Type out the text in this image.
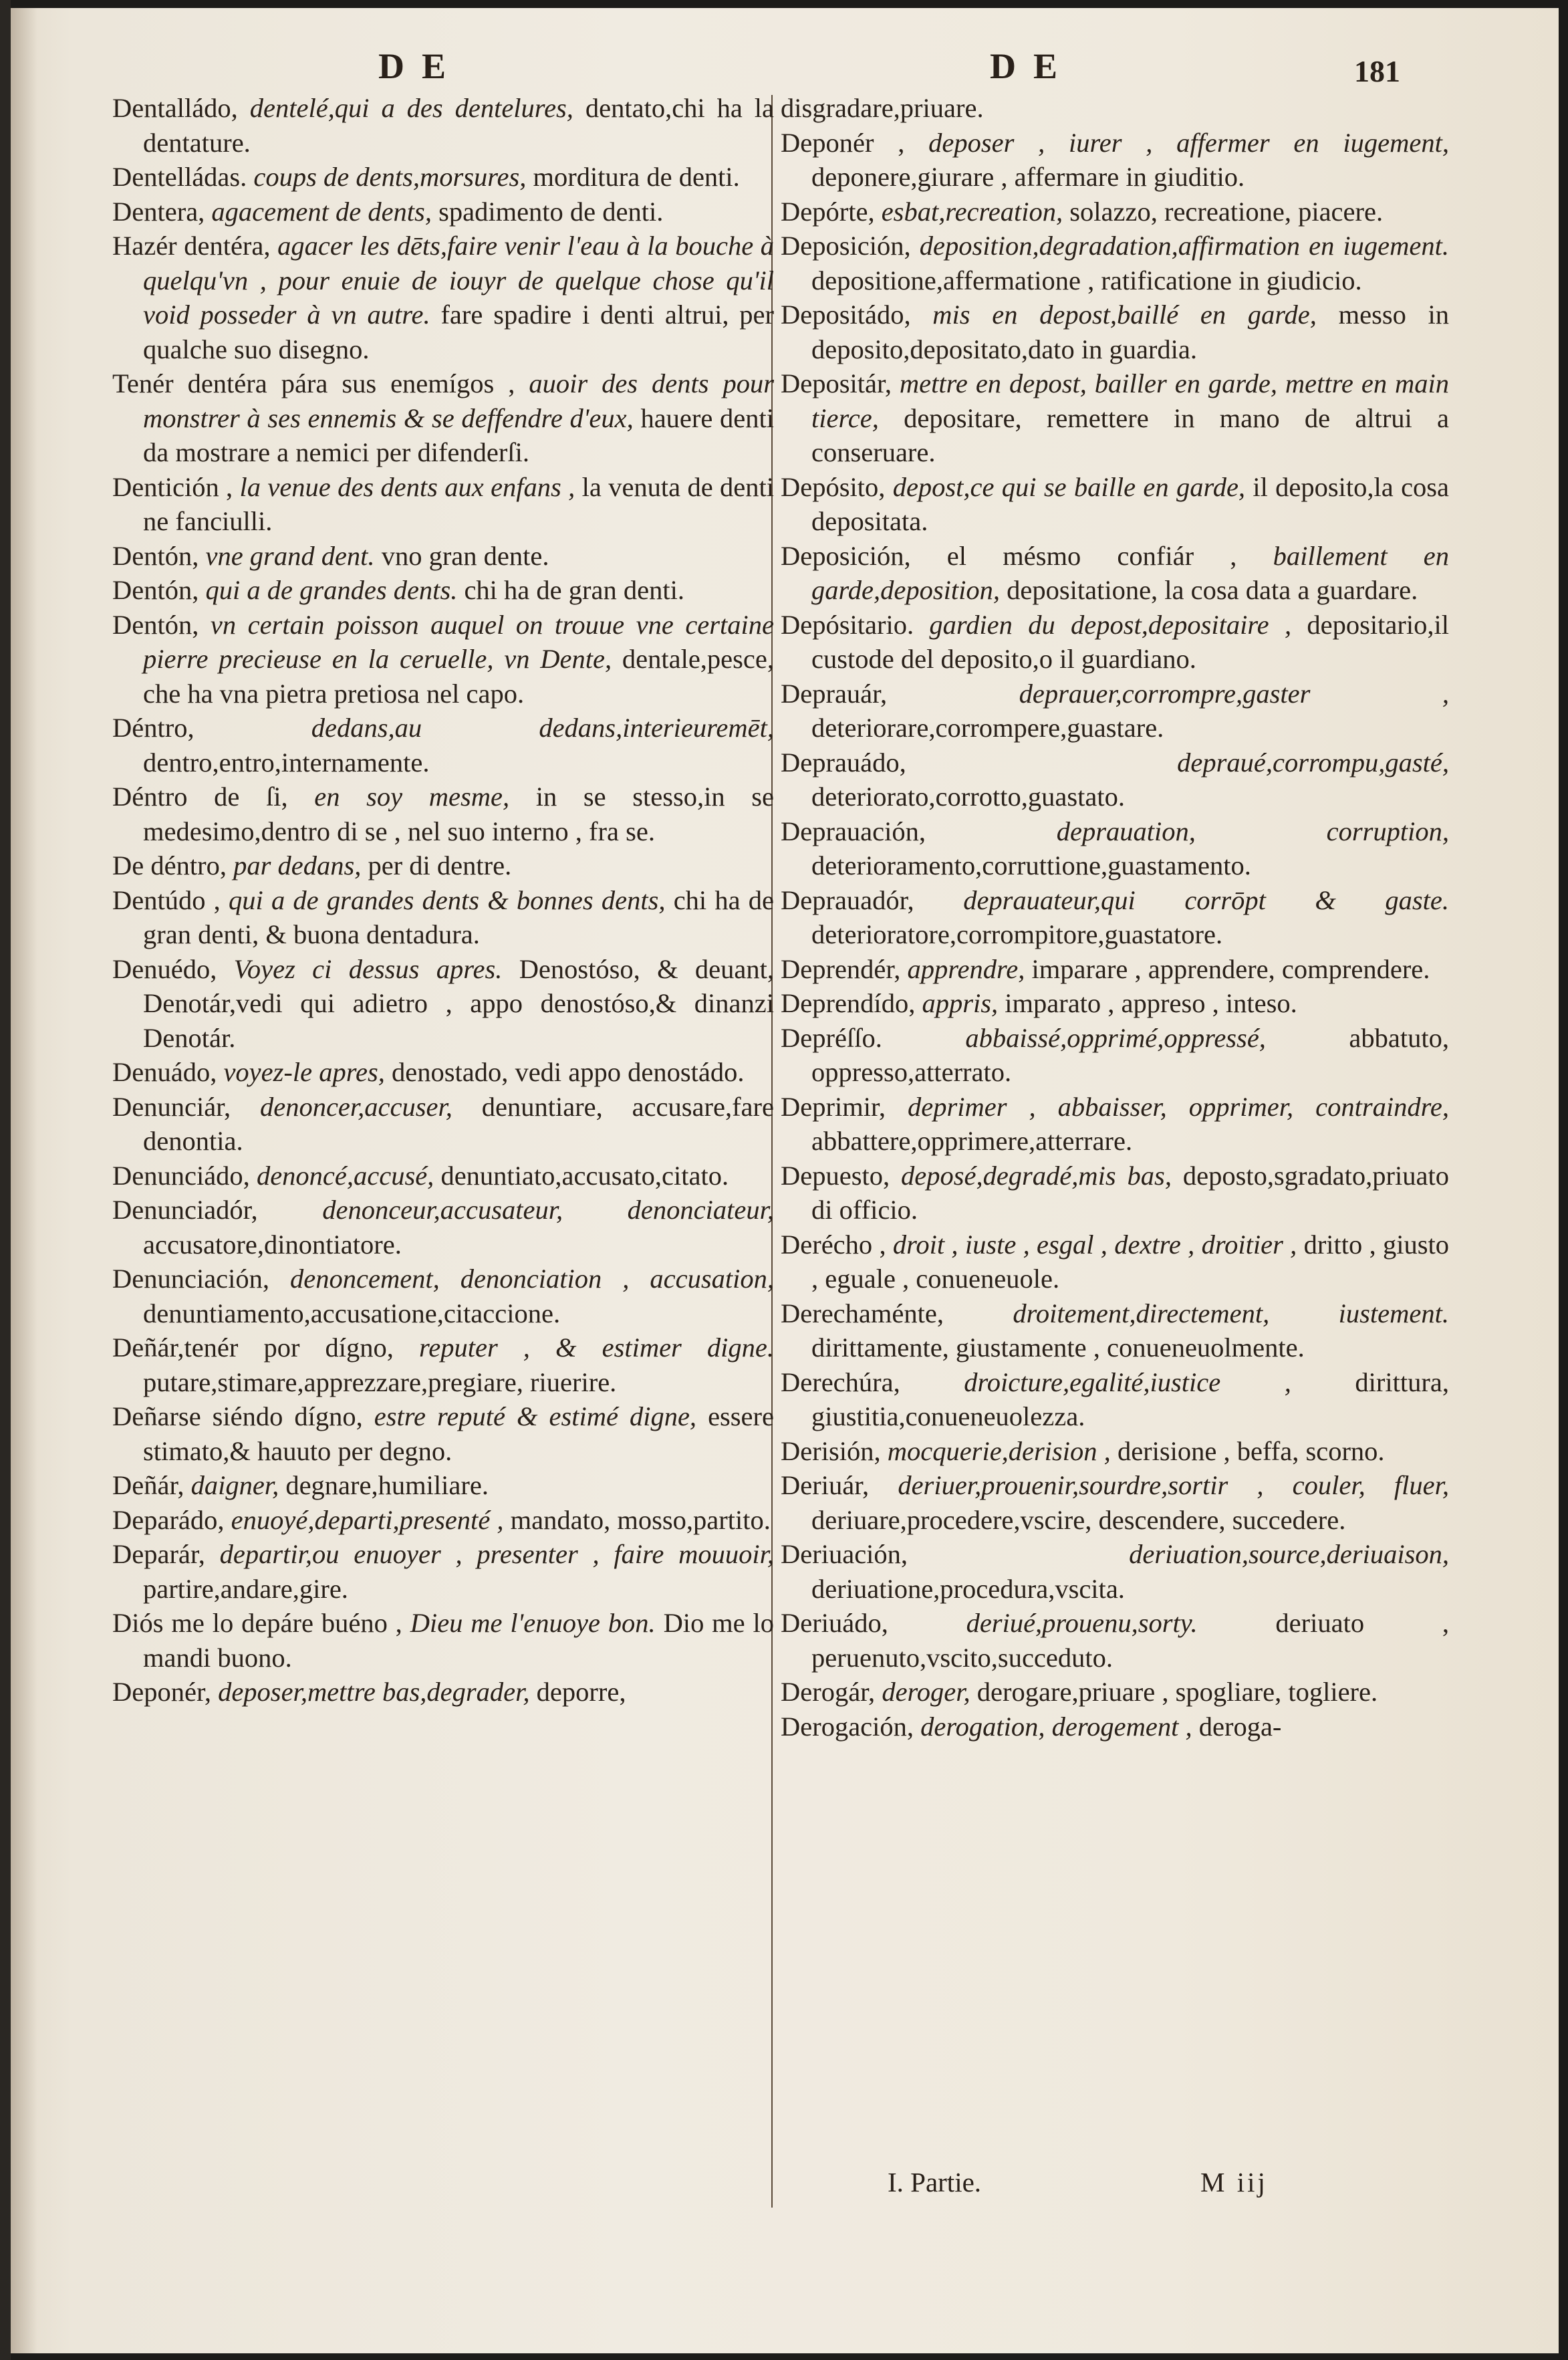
DE	DE	181

Dentalládo, dentelé,qui a des dentelures, dentato,chi ha la dentature.

Dentelládas. coups de dents,morsures, morditura de denti.

Dentera, agacement de dents, spadimento de denti.

Hazér dentéra, agacer les dēts,faire venir l'eau à la bouche à quelqu'vn , pour enuie de iouyr de quelque chose qu'il void posseder à vn autre. fare spadire i denti altrui, per qualche suo disegno.

Tenér dentéra pára sus enemígos , auoir des dents pour monstrer à ses ennemis & se deffendre d'eux, hauere denti da mostrare a nemici per difenderſi.

Dentición , la venue des dents aux enfans , la venuta de denti ne fanciulli.

Dentón, vne grand dent. vno gran dente.

Dentón, qui a de grandes dents. chi ha de gran denti.

Dentón, vn certain poisson auquel on trouue vne certaine pierre precieuse en la ceruelle, vn Dente, dentale,pesce, che ha vna pietra pretiosa nel capo.

Déntro,	dedans,au dedans,interieuremēt, dentro,entro,internamente.

Déntro de ſi, en soy mesme, in se stesso,in se medesimo,dentro di se , nel suo interno , fra se.

De déntro, par dedans, per di dentre.

Dentúdo , qui a de grandes dents & bonnes dents, chi ha de gran denti, & buona dentadura.

Denuédo, Voyez ci dessus apres. Denostóso, & deuant, Denotár,vedi qui adietro , appo denostóso,& dinanzi Denotár.

Denuádo, voyez-le apres, denostado, vedi appo denostádo.

Denunciár, denoncer,accuser, denuntiare, accusare,fare denontia.

Denunciádo, denoncé,accusé, denuntiato,accusato,citato.

Denunciadór, denonceur,accusateur, denonciateur, accusatore,dinontiatore.

Denunciación, denoncement, denonciation , accusation, denuntiamento,accusatione,citaccione.

Deñár,tenér por dígno, reputer , & estimer digne. putare,stimare,apprezzare,pregiare, riuerire.

Deñarse siéndo dígno, estre reputé & estimé digne, essere stimato,& hauuto per degno.

Deñár, daigner, degnare,humiliare.

Deparádo, enuoyé,departi,presenté , mandato, mosso,partito.

Deparár, departir,ou enuoyer , presenter , faire mouuoir, partire,andare,gire.

Diós me lo depáre buéno , Dieu me l'enuoye bon. Dio me lo mandi buono.

Deponér, deposer,mettre bas,degrader, deporre,

disgradare,priuare.

Deponér , deposer , iurer , affermer en iugement, deponere,giurare , affermare in giuditio.

Depórte, esbat,recreation, solazzo, recreatione, piacere.

Deposición, deposition,degradation,affirmation en iugement. depositione,affermatione , ratificatione in giudicio.

Depositádo, mis en depost,baillé en garde, messo in deposito,depositato,dato in guardia.

Depositár, mettre en depost, bailler en garde, mettre en main tierce, depositare, remettere in mano de altrui a conseruare.

Depósito, depost,ce qui se baille en garde, il deposito,la cosa depositata.

Deposición, el mésmo confiár , baillement en garde,deposition, depositatione, la cosa data a guardare.

Depósitario. gardien du depost,depositaire , depositario,il custode del deposito,o il guardiano.

Deprauár,	deprauer,corrompre,gaster , deteriorare,corrompere,guastare.

Deprauádo,	depraué,corrompu,gasté, deteriorato,corrotto,guastato.

Deprauación,	deprauation, corruption, deterioramento,corruttione,guastamento.

Deprauadór, deprauateur,qui corrōpt & gaste. deterioratore,corrompitore,guastatore.

Deprendér, apprendre, imparare , apprendere, comprendere.

Deprendído, appris, imparato , appreso , inteso.

Depréſſo.	abbaissé,opprimé,oppressé,	abbatuto, oppresso,atterrato.

Deprimir, deprimer , abbaisser, opprimer, contraindre, abbattere,opprimere,atterrare.

Depuesto, deposé,degradé,mis bas, deposto,sgradato,priuato di officio.

Derécho , droit , iuste , esgal , dextre , droitier , dritto , giusto , eguale , conueneuole.

Derechaménte,	droitement,directement, iustement. dirittamente, giustamente , conueneuolmente.

Derechúra, droicture,egalité,iustice , dirittura, giustitia,conueneuolezza.

Derisión, mocquerie,derision , derisione , beffa, scorno.

Deriuár, deriuer,prouenir,sourdre,sortir , couler, fluer, deriuare,procedere,vscire, descendere, succedere.

Deriuación,	deriuation,source,deriuaison, deriuatione,procedura,vscita.

Deriuádo,	deriué,prouenu,sorty.	deriuato , peruenuto,vscito,succeduto.

Derogár, deroger, derogare,priuare , spogliare, togliere.

Derogación, derogation, derogement , deroga-

I. Partie.	M iij
